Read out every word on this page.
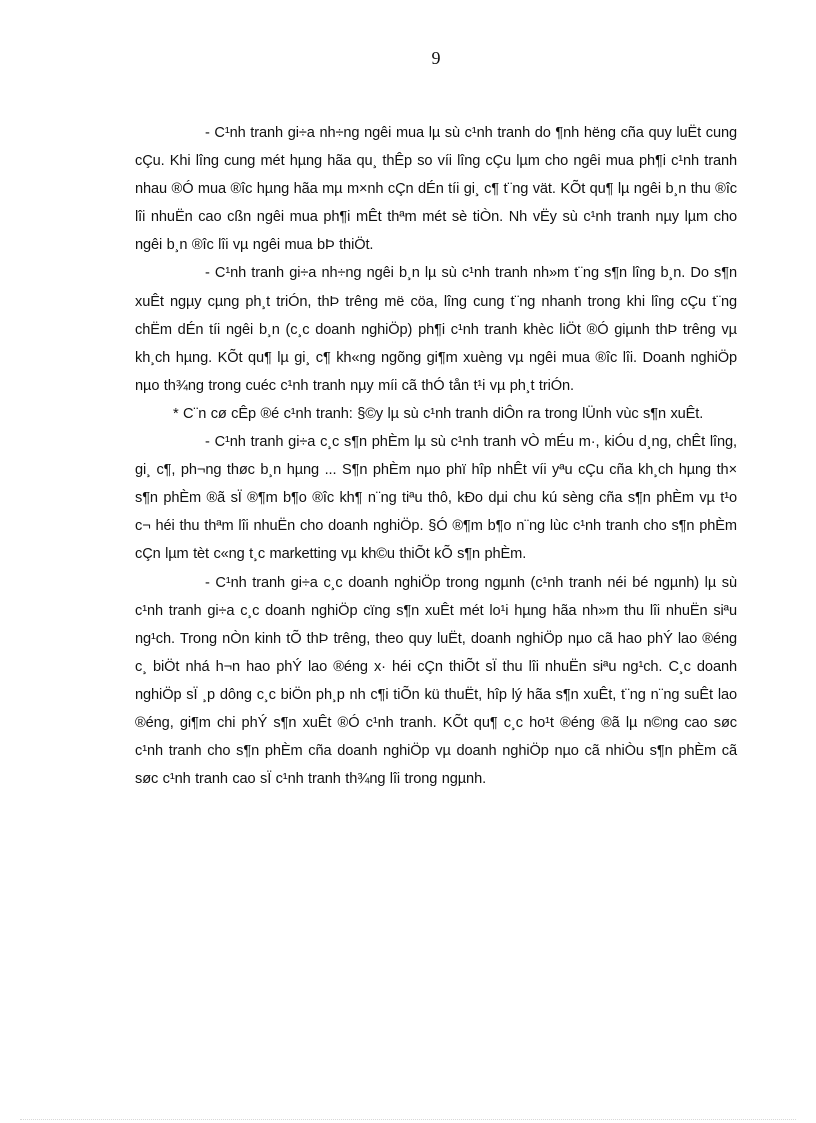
9

- C¹nh tranh gi÷a nh÷ng ngêi mua lµ sù c¹nh tranh do ¶nh hëng cña quy luËt cung cÇu. Khi lîng cung mét hµng hãa qu¸ thÊp so víi lîng cÇu lµm cho ngêi mua ph¶i c¹nh tranh nhau ®Ó mua ®îc hµng hãa mµ m×nh cÇn dÉn tíi gi¸ c¶ t¨ng vät. KÕt qu¶ lµ ngêi b¸n thu ®îc lîi nhuËn cao cßn ngêi mua ph¶i mÊt thªm mét sè tiÒn. Nh vËy sù c¹nh tranh nµy lµm cho ngêi b¸n ®îc lîi vµ ngêi mua bÞ thiÖt.

- C¹nh tranh gi÷a nh÷ng ngêi b¸n lµ sù c¹nh tranh nh»m t¨ng s¶n lîng b¸n. Do s¶n xuÊt ngµy cµng ph¸t triÓn, thÞ trêng më cöa, lîng cung t¨ng nhanh trong khi lîng cÇu t¨ng chËm dÉn tíi ngêi b¸n (c¸c doanh nghiÖp) ph¶i c¹nh tranh khèc liÖt ®Ó giµnh thÞ trêng vµ kh¸ch hµng. KÕt qu¶ lµ gi¸ c¶ kh«ng ngõng gi¶m xuèng vµ ngêi mua ®îc lîi. Doanh nghiÖp nµo th¾ng trong cuéc c¹nh tranh nµy míi cã thÓ tån t¹i vµ ph¸t triÓn.

* C¨n cø cÊp ®é c¹nh tranh: §©y lµ sù c¹nh tranh diÔn ra trong lÜnh vùc s¶n xuÊt.

- C¹nh tranh gi÷a c¸c s¶n phÈm lµ sù c¹nh tranh vÒ mÉu m·, kiÓu d¸ng, chÊt lîng, gi¸ c¶, ph¬ng thøc b¸n hµng ... S¶n phÈm nµo phï hîp nhÊt víi yªu cÇu cña kh¸ch hµng th× s¶n phÈm ®ã sÏ ®¶m b¶o ®îc kh¶ n¨ng tiªu thô, kÐo dµi chu kú sèng cña s¶n phÈm vµ t¹o c¬ héi thu thªm lîi nhuËn cho doanh nghiÖp. §Ó ®¶m b¶o n¨ng lùc c¹nh tranh cho s¶n phÈm cÇn lµm tèt c«ng t¸c marketting vµ kh©u thiÕt kÕ s¶n phÈm.

- C¹nh tranh gi÷a c¸c doanh nghiÖp trong ngµnh (c¹nh tranh néi bé ngµnh) lµ sù c¹nh tranh gi÷a c¸c doanh nghiÖp cïng s¶n xuÊt mét lo¹i hµng hãa nh»m thu lîi nhuËn siªu ng¹ch. Trong nÒn kinh tÕ thÞ trêng, theo quy luËt, doanh nghiÖp nµo cã hao phÝ lao ®éng c¸ biÖt nhá h¬n hao phÝ lao ®éng x· héi cÇn thiÕt sÏ thu lîi nhuËn siªu ng¹ch. C¸c doanh nghiÖp sÏ ¸p dông c¸c biÖn ph¸p nh c¶i tiÕn kü thuËt, hîp lý hãa s¶n xuÊt, t¨ng n¨ng suÊt lao ®éng, gi¶m chi phÝ s¶n xuÊt ®Ó c¹nh tranh. KÕt qu¶ c¸c ho¹t ®éng ®ã lµ n©ng cao søc c¹nh tranh cho s¶n phÈm cña doanh nghiÖp vµ doanh nghiÖp nµo cã nhiÒu s¶n phÈm cã søc c¹nh tranh cao sÏ c¹nh tranh th¾ng lîi trong ngµnh.
